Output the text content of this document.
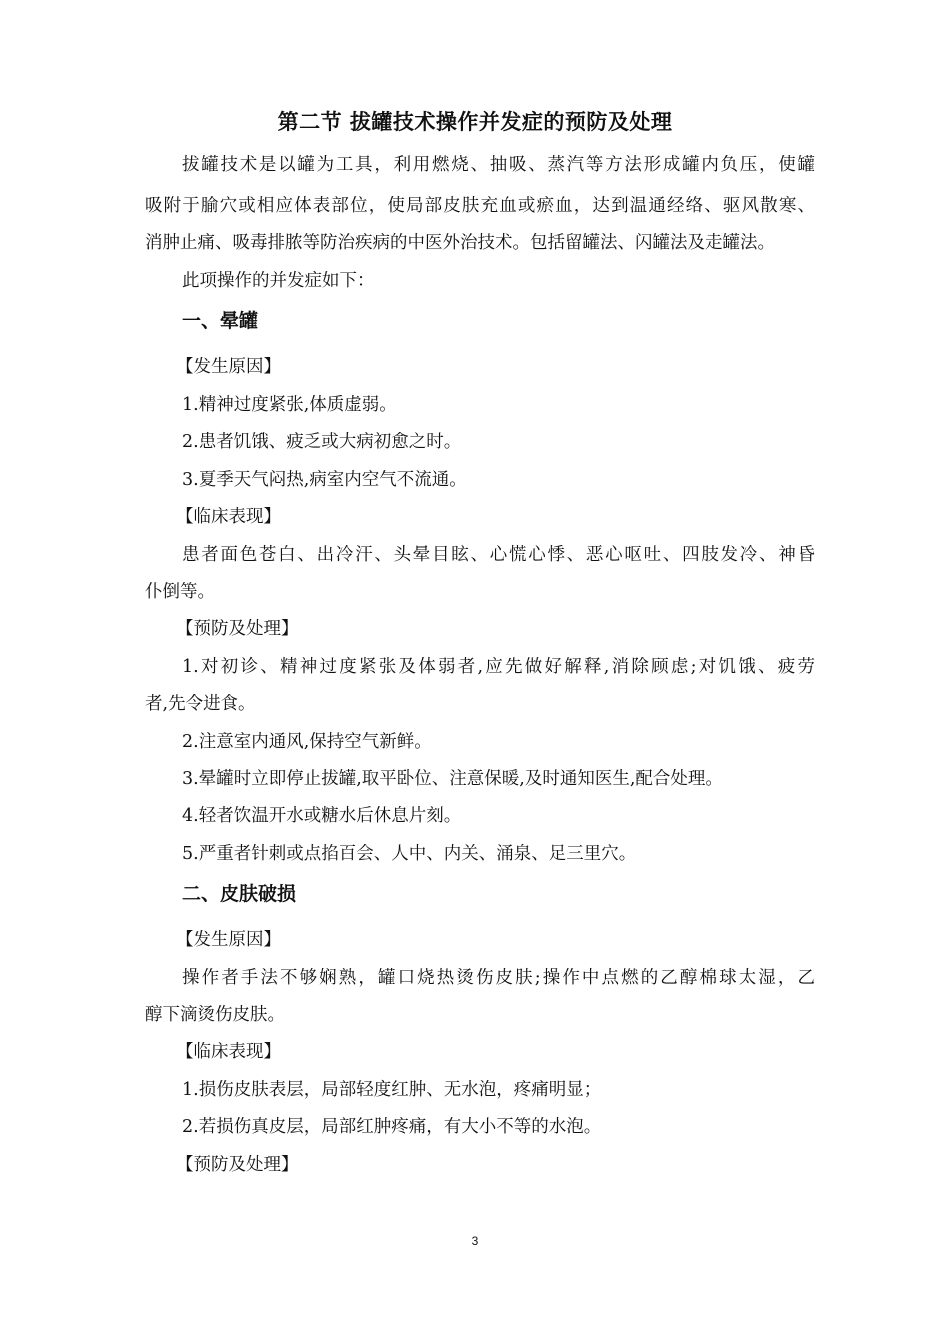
第二节 拔罐技术操作并发症的预防及处理
拔罐技术是以罐为工具，利用燃烧、抽吸、蒸汽等方法形成罐内负压，使罐
吸附于腧穴或相应体表部位，使局部皮肤充血或瘀血，达到温通经络、驱风散寒、
消肿止痛、吸毒排脓等防治疾病的中医外治技术。包括留罐法、闪罐法及走罐法。
此项操作的并发症如下：
一、晕罐
【发生原因】
1.精神过度紧张,体质虚弱。
2.患者饥饿、疲乏或大病初愈之时。
3.夏季天气闷热,病室内空气不流通。
【临床表现】
患者面色苍白、出冷汗、头晕目眩、心慌心悸、恶心呕吐、四肢发冷、神昏
仆倒等。
【预防及处理】
1.对初诊、精神过度紧张及体弱者,应先做好解释,消除顾虑;对饥饿、疲劳
者,先令进食。
2.注意室内通风,保持空气新鲜。
3.晕罐时立即停止拔罐,取平卧位、注意保暖,及时通知医生,配合处理。
4.轻者饮温开水或糖水后休息片刻。
5.严重者针刺或点掐百会、人中、内关、涌泉、足三里穴。
二、皮肤破损
【发生原因】
操作者手法不够娴熟，罐口烧热烫伤皮肤;操作中点燃的乙醇棉球太湿，乙
醇下滴烫伤皮肤。
【临床表现】
1.损伤皮肤表层，局部轻度红肿、无水泡，疼痛明显；
2.若损伤真皮层，局部红肿疼痛，有大小不等的水泡。
【预防及处理】
3
